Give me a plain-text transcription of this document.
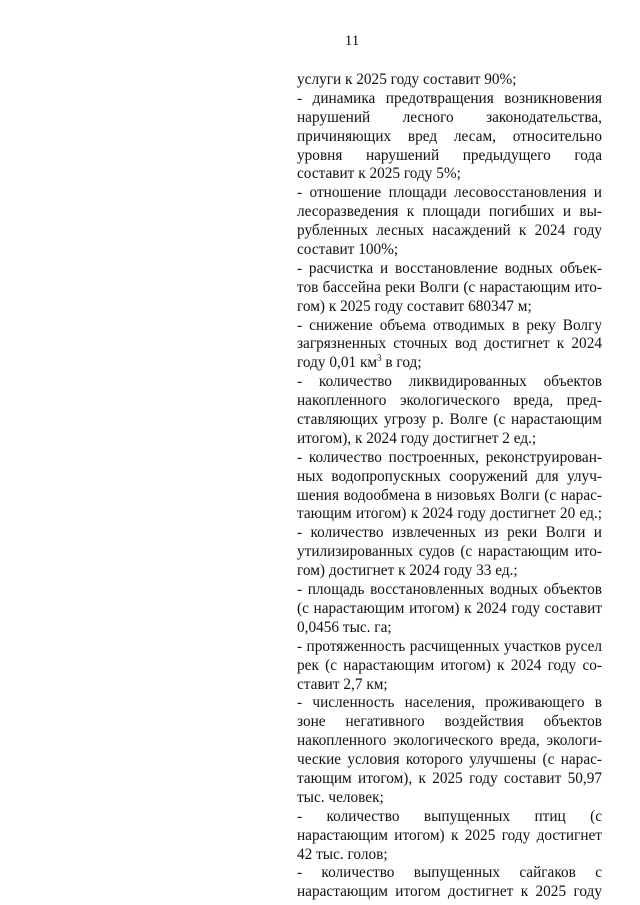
11
услуги к 2025 году составит 90%;
- динамика предотвращения возникновения
нарушений лесного законодательства,
причиняющих вред лесам, относительно
уровня нарушений предыдущего года
составит к 2025 году 5%;
- отношение площади лесовосстановления и
лесоразведения к площади погибших и вы-
рубленных лесных насаждений к 2024 году
составит 100%;
- расчистка и восстановление водных объек-
тов бассейна реки Волги (с нарастающим ито-
гом) к 2025 году составит 680347 м;
- снижение объема отводимых в реку Волгу
загрязненных сточных вод достигнет к 2024
году 0,01 $км^3$ в год;
- количество ликвидированных объектов
накопленного экологического вреда, пред-
ставляющих угрозу р. Волге (с нарастающим
итогом), к 2024 году достигнет 2 ед.;
- количество построенных, реконструирован-
ных водопропускных сооружений для улуч-
шения водообмена в низовьях Волги (с нарас-
тающим итогом) к 2024 году достигнет 20 ед.;
- количество извлеченных из реки Волги и
утилизированных судов (с нарастающим ито-
гом) достигнет к 2024 году 33 ед.;
- площадь восстановленных водных объектов
(с нарастающим итогом) к 2024 году составит
0,0456 тыс. га;
- протяженность расчищенных участков русел
рек (с нарастающим итогом) к 2024 году со-
ставит 2,7 км;
- численность населения, проживающего в
зоне негативного воздействия объектов
накопленного экологического вреда, экологи-
ческие условия которого улучшены (с нарас-
тающим итогом), к 2025 году составит 50,97
тыс. человек;
- количество выпущенных птиц (с
нарастающим итогом) к 2025 году достигнет
42 тыс. голов;
- количество выпущенных сайгаков с
нарастающим итогом достигнет к 2025 году
